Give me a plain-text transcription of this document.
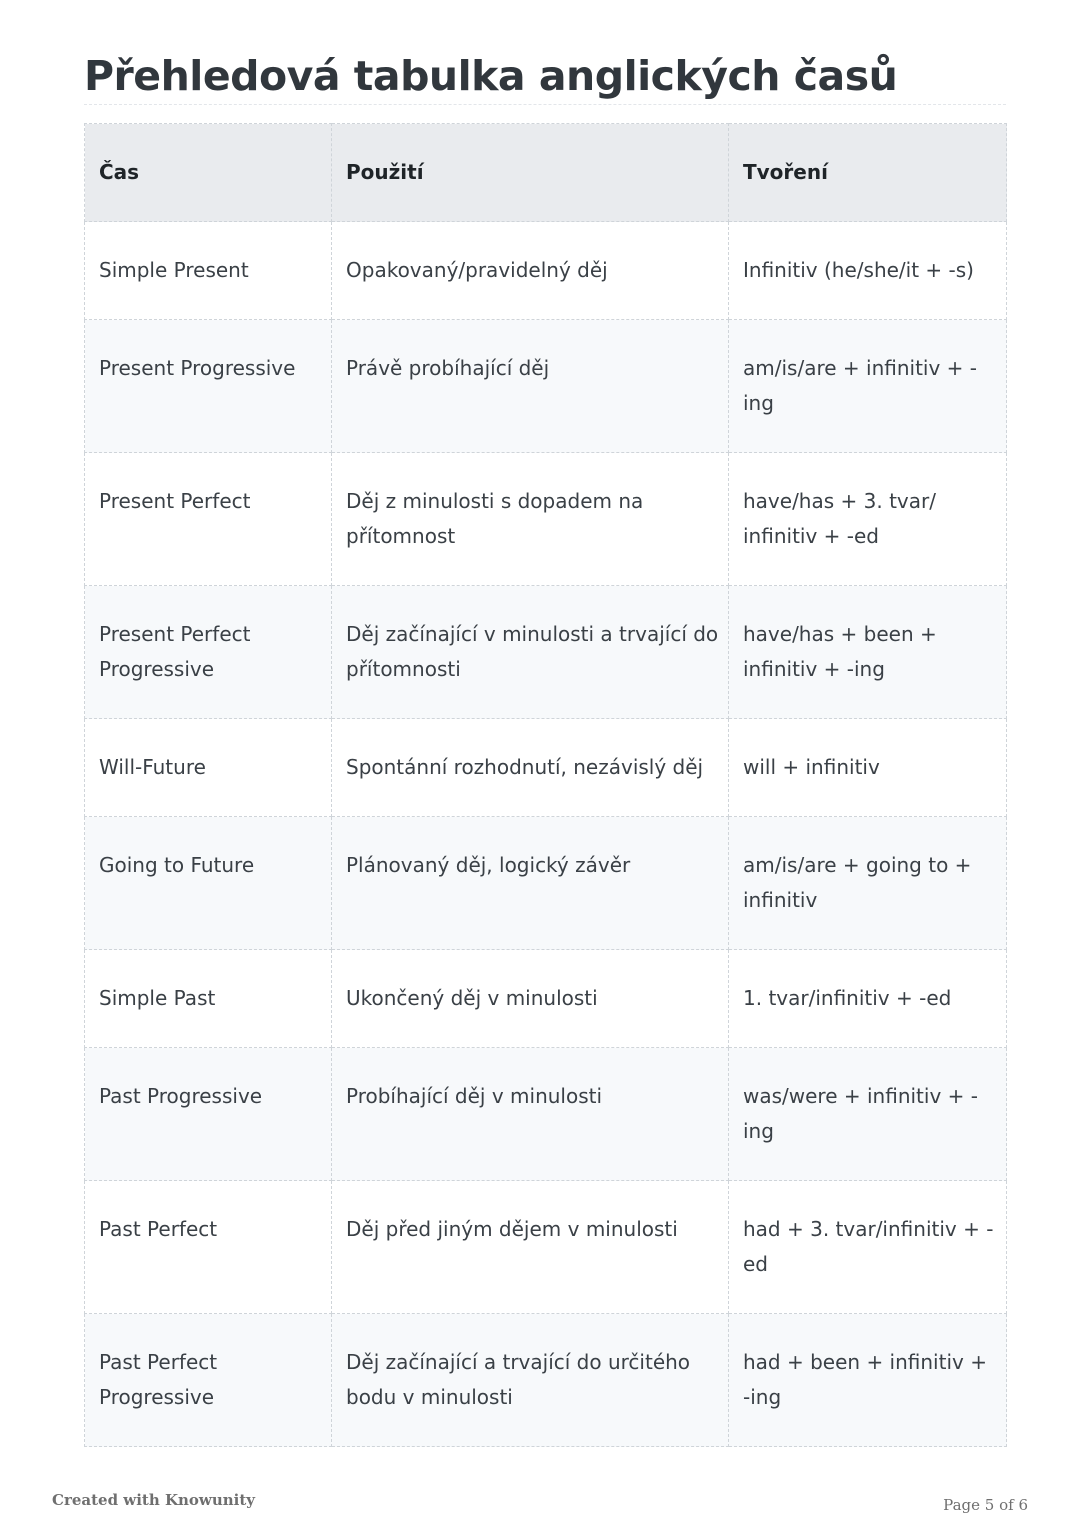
Přehledová tabulka anglických časů
Čas	Použití	Tvoření
Simple Present	Opakovaný/pravidelný děj	Infinitiv (he/she/it + -s)
Present Progressive	Právě probíhající děj	am/is/are + infinitiv + -ing
Present Perfect	Děj z minulosti s dopadem na přítomnost	have/has + 3. tvar/ infinitiv + -ed
Present Perfect Progressive	Děj začínající v minulosti a trvající do přítomnosti	have/has + been + infinitiv + -ing
Will-Future	Spontánní rozhodnutí, nezávislý děj	will + infinitiv
Going to Future	Plánovaný děj, logický závěr	am/is/are + going to + infinitiv
Simple Past	Ukončený děj v minulosti	1. tvar/infinitiv + -ed
Past Progressive	Probíhající děj v minulosti	was/were + infinitiv + -ing
Past Perfect	Děj před jiným dějem v minulosti	had + 3. tvar/infinitiv + -ed
Past Perfect Progressive	Děj začínající a trvající do určitého bodu v minulosti	had + been + infinitiv + -ing
Created with Knowunity	Page 5 of 6
